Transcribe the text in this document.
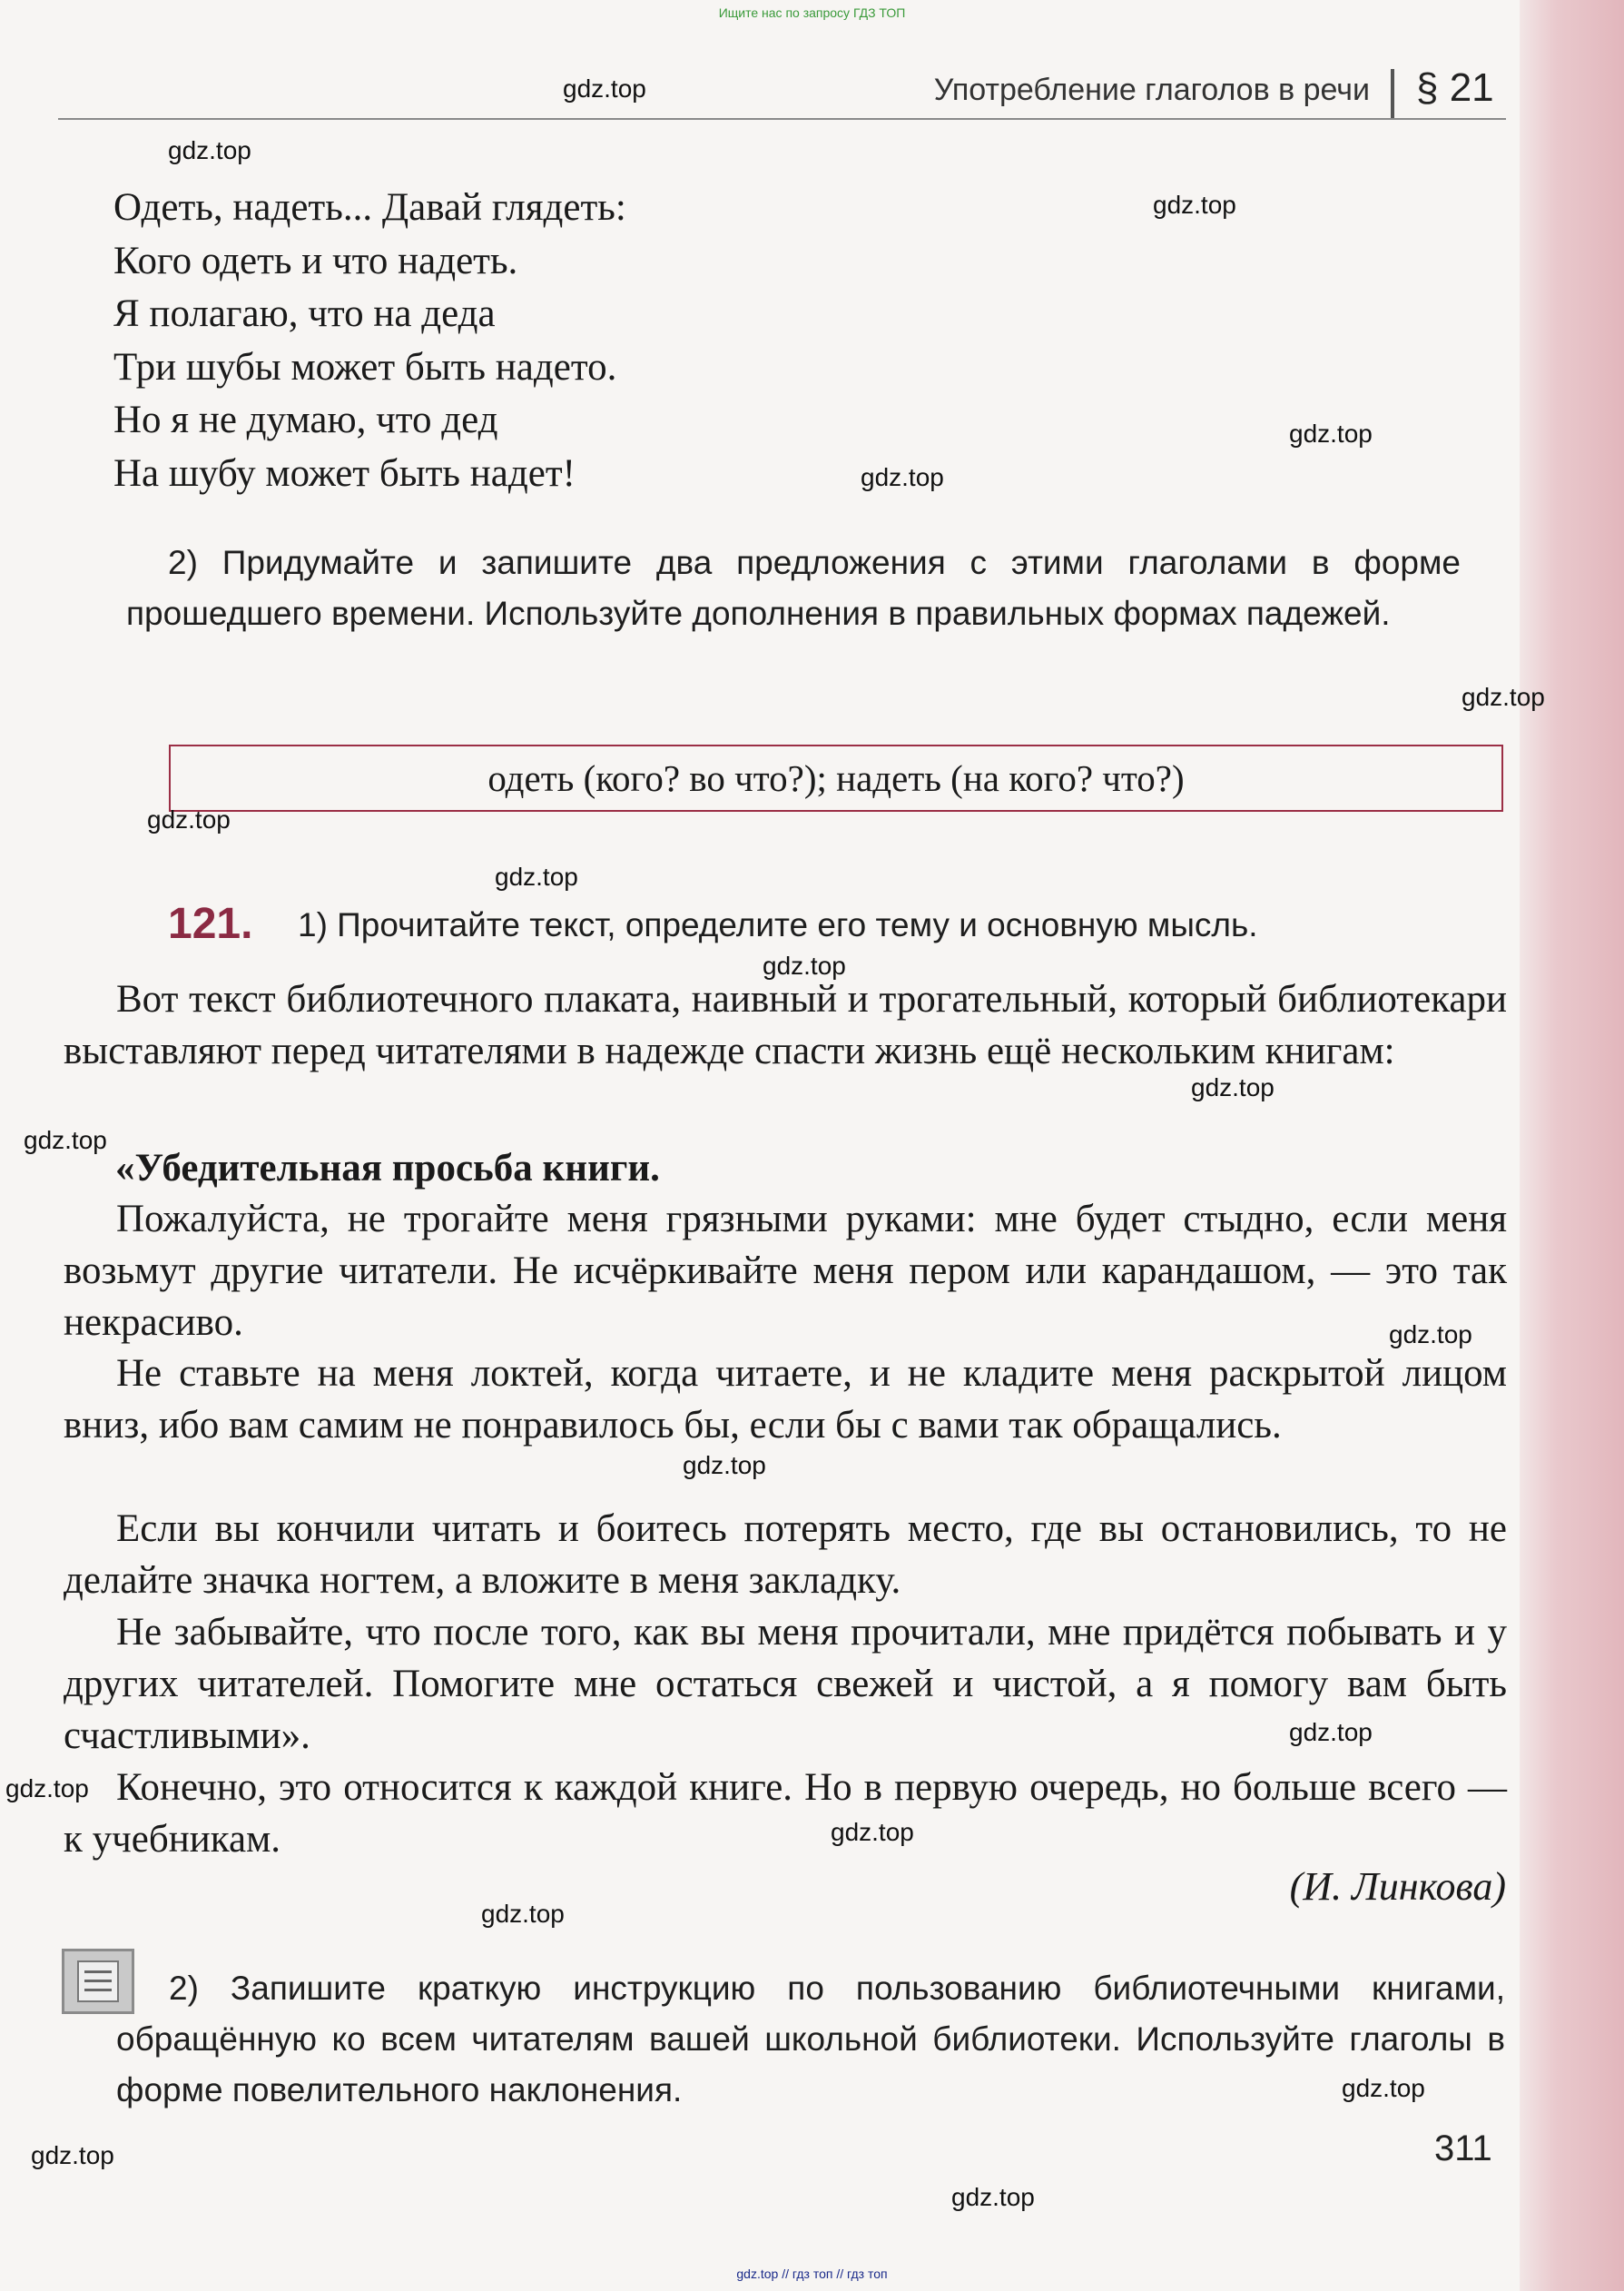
Ищите нас по запросу ГДЗ ТОП
Употребление глаголов в речи § 21
Одеть, надеть... Давай глядеть:
Кого одеть и что надеть.
Я полагаю, что на деда
Три шубы может быть надето.
Но я не думаю, что дед
На шубу может быть надет!
2) Придумайте и запишите два предложения с этими глаголами в форме прошедшего времени. Используйте дополнения в правильных формах падежей.
одеть (кого? во что?); надеть (на кого? что?)
121. 1) Прочитайте текст, определите его тему и основную мысль.
Вот текст библиотечного плаката, наивный и трогательный, который библиотекари выставляют перед читателями в надежде спасти жизнь ещё нескольким книгам:
«Убедительная просьба книги.
Пожалуйста, не трогайте меня грязными руками: мне будет стыдно, если меня возьмут другие читатели. Не исчёркивайте меня пером или карандашом, — это так некрасиво.
Не ставьте на меня локтей, когда читаете, и не кладите меня раскрытой лицом вниз, ибо вам самим не понравилось бы, если бы с вами так обращались.
Если вы кончили читать и боитесь потерять место, где вы остановились, то не делайте значка ногтем, а вложите в меня закладку.
Не забывайте, что после того, как вы меня прочитали, мне придётся побывать и у других читателей. Помогите мне остаться свежей и чистой, а я помогу вам быть счастливыми».
Конечно, это относится к каждой книге. Но в первую очередь, но больше всего — к учебникам.
(И. Линкова)
2) Запишите краткую инструкцию по пользованию библиотечными книгами, обращённую ко всем читателям вашей школьной библиотеки. Используйте глаголы в форме повелительного наклонения.
311
gdz.top
gdz.top
gdz.top
gdz.top
gdz.top
gdz.top
gdz.top
gdz.top
gdz.top
gdz.top
gdz.top
gdz.top
gdz.top
gdz.top
gdz.top
gdz.top
gdz.top
gdz.top
gdz.top
gdz.top
gdz.top // гдз топ // гдз топ
